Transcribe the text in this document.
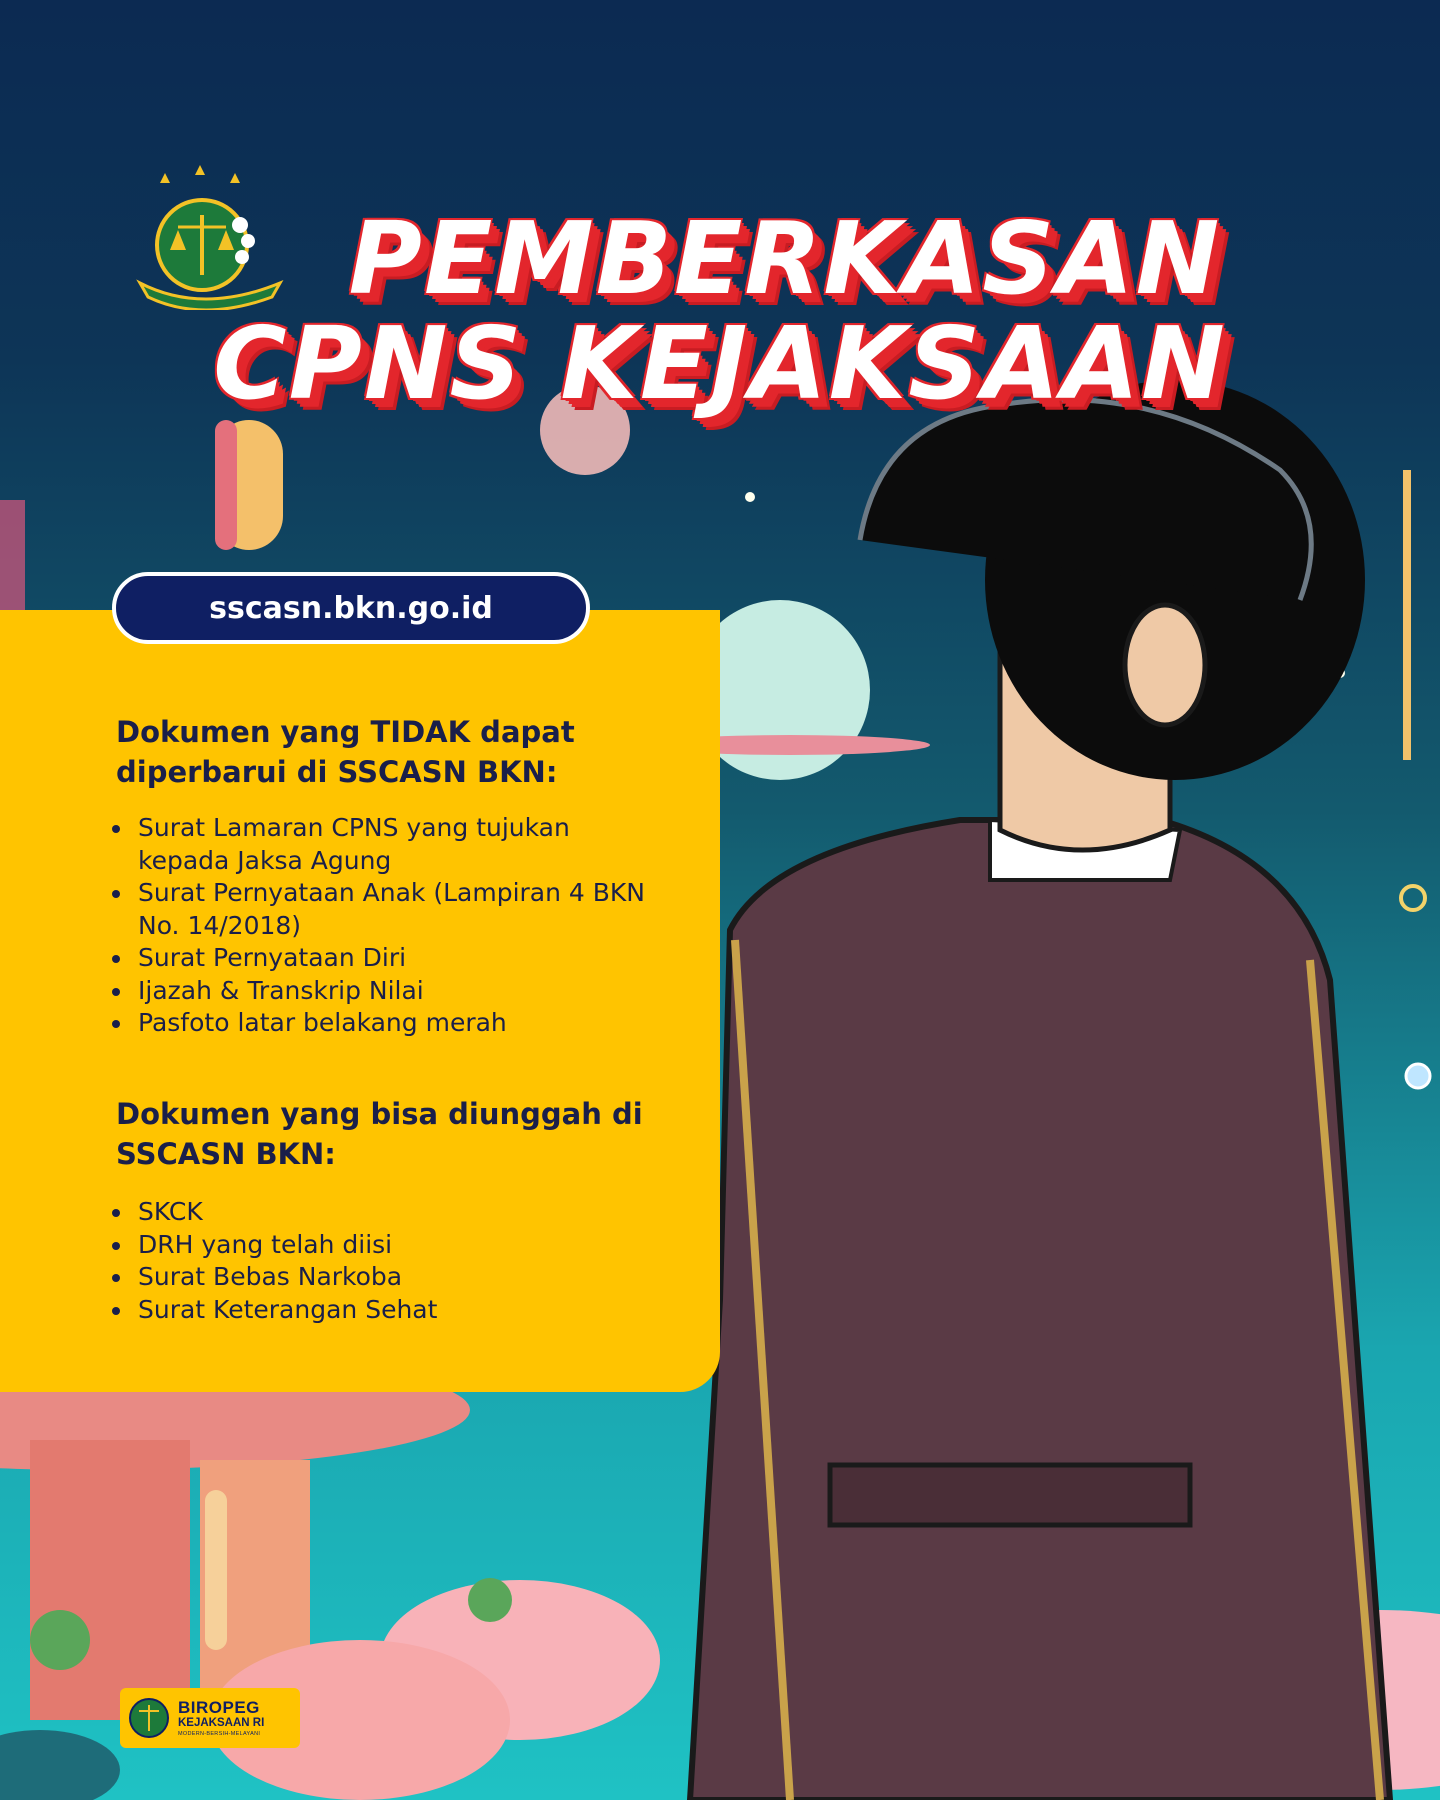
PEMBERKASAN
CPNS KEJAKSAAN
sscasn.bkn.go.id

Dokumen yang TIDAK dapat diperbarui di SSCASN BKN:

Surat Lamaran CPNS yang tujukan kepada Jaksa Agung
Surat Pernyataan Anak (Lampiran 4 BKN No. 14/2018)
Surat Pernyataan Diri
Ijazah & Transkrip Nilai
Pasfoto latar belakang merah

Dokumen yang bisa diunggah di SSCASN BKN:

SKCK
DRH yang telah diisi
Surat Bebas Narkoba
Surat Keterangan Sehat
BIROPEG
KEJAKSAAN RI
MODERN-BERSIH-MELAYANI
